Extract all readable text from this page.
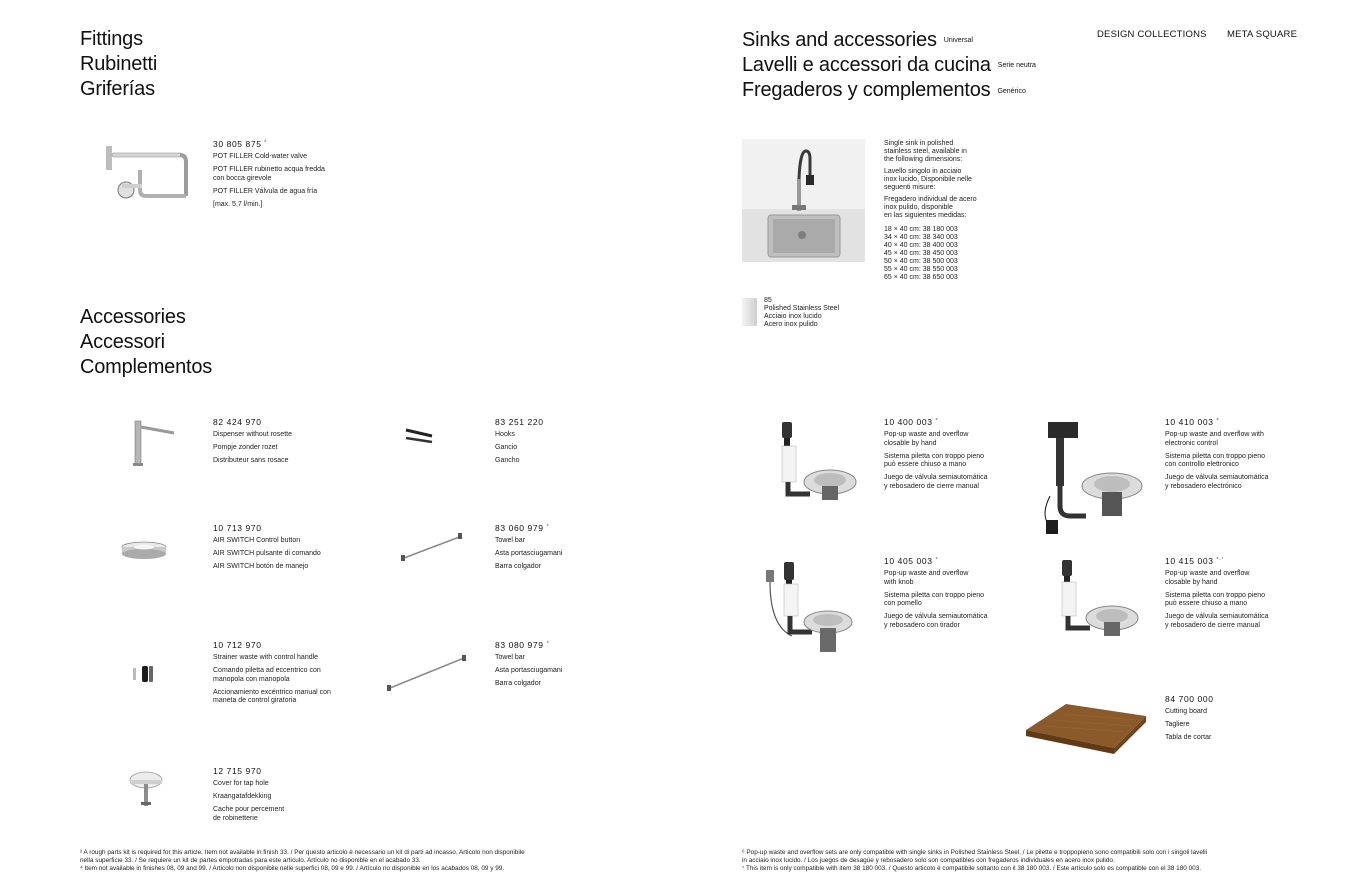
Fittings
Rubinetti
Griferías
30 805 875 $^{^2}$
POT FILLER Cold-water valve
POT FILLER rubinetto acqua fredda
con bocca girevole
POT FILLER Válvula de agua fría
[max. 5,7 l/min.]
Accessories
Accessori
Complementos
82 424 970
Dispenser without rosette
Pompje zonder rozet
Distributeur sans rosace
83 251 220
Hooks
Gancio
Gancho
10 713 970
AIR SWITCH Control button
AIR SWITCH pulsante di comando
AIR SWITCH botón de manejo
83 060 979 $^{^4}$
Towel bar
Asta portasciugamani
Barra colgador
10 712 970
Strainer waste with control handle
Comando piletta ad eccentrico con
manopola con manopola
Accionamiento excéntrico manual con
maneta de control giratoria
83 080 979 $^{^4}$
Towel bar
Asta portasciugamani
Barra colgador
12 715 970
Cover for tap hole
Kraangatafdekking
Cache pour percement
de robinetterie
² A rough parts kit is required for this article. Item not available in finish 33. / Per questo articolo è necessario un kit di parti ad incasso. Articolo non disponibile
nella superficie 33. / Se requiere un kit de partes empotradas para este artículo. Artículo no disponible en el acabado 33.
⁴ Item not available in finishes 08, 09 and 99. / Articolo non disponibile nelle superfici 08, 09 e 99. / Artículo no disponible en los acabados 08, 09 y 99.
Sinks and accessories Universal
Lavelli e accessori da cucina Serie neutra
Fregaderos y complementos Genérico
DESIGN COLLECTIONS META SQUARE
Single sink in polished
stainless steel, available in
the following dimensions:
Lavello singolo in acciaio
inox lucido, Disponibile nelle
seguenti misure:
Fregadero individual de acero
inox pulido, disponible
en las siguientes medidas:
18 × 40 cm: 38 180 003
34 × 40 cm: 38 340 003
40 × 40 cm: 38 400 003
45 × 40 cm: 38 450 003
50 × 40 cm: 38 500 003
55 × 40 cm: 38 550 003
65 × 40 cm: 38 650 003
85
Polished Stainless Steel
Acciaio inox lucido
Acero inox pulido
10 400 003 $^{^6}$
Pop-up waste and overflow
closable by hand
Sistema piletta con troppo pieno
può essere chiuso a mano
Juego de válvula semiautomática
y rebosadero de cierre manual
10 410 003 $^{^6}$
Pop-up waste and overflow with
electronic control
Sistema piletta con troppo pieno
con controllo elettronico
Juego de válvula semiautomática
y rebosadero electrónico
10 405 003 $^{^6}$
Pop-up waste and overflow
with knob
Sistema piletta con troppo pieno
con pomello
Juego de válvula semiautomática
y rebosadero con tirador
10 415 003 $^{^6˒^7}$
Pop-up waste and overflow
closable by hand
Sistema piletta con troppo pieno
può essere chiuso a mano
Juego de válvula semiautomática
y rebosadero de cierre manual
84 700 000
Cutting board
Tagliere
Tabla de cortar
⁶ Pop-up waste and overflow sets are only compatible with single sinks in Polished Stainless Steel. / Le pilette e troppopieno sono compatibili solo con i singoli lavelli
in acciaio inox lucido. / Los juegos de desagüe y rebosadero solo son compatibles con fregaderos individuales en acero inox pulido.
⁷ This item is only compatible with item 38 180 003. / Questo articolo è compatibile soltanto con il 38 180 003. / Este artículo solo es compatible con el 38 180 003.
